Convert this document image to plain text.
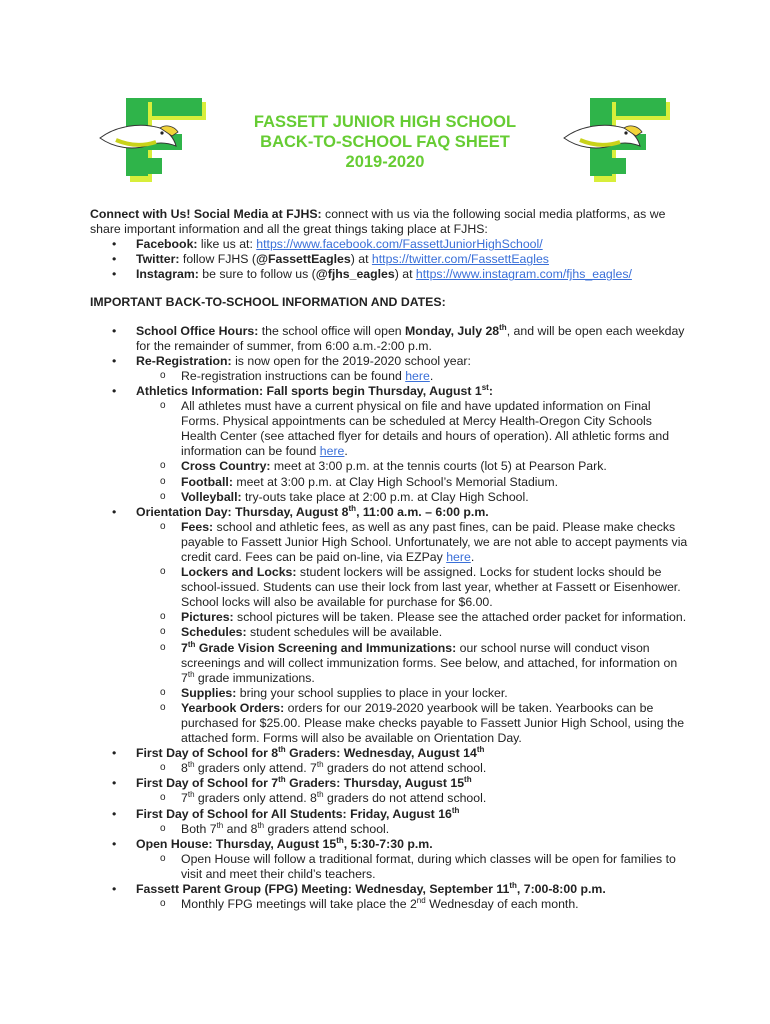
FASSETT JUNIOR HIGH SCHOOL
BACK-TO-SCHOOL FAQ SHEET
2019-2020

Connect with Us! Social Media at FJHS: connect with us via the following social media platforms, as we share important information and all the great things taking place at FJHS:

• Facebook: like us at: https://www.facebook.com/FassettJuniorHighSchool/
• Twitter: follow FJHS (@FassettEagles) at https://twitter.com/FassettEagles
• Instagram: be sure to follow us (@fjhs_eagles) at https://www.instagram.com/fjhs_eagles/

IMPORTANT BACK-TO-SCHOOL INFORMATION AND DATES:

• School Office Hours: the school office will open Monday, July 28th, and will be open each weekday for the remainder of summer, from 6:00 a.m.-2:00 p.m.
• Re-Registration: is now open for the 2019-2020 school year:
o Re-registration instructions can be found here.
• Athletics Information: Fall sports begin Thursday, August 1st:
o All athletes must have a current physical on file and have updated information on Final Forms. Physical appointments can be scheduled at Mercy Health-Oregon City Schools Health Center (see attached flyer for details and hours of operation). All athletic forms and information can be found here.
o Cross Country: meet at 3:00 p.m. at the tennis courts (lot 5) at Pearson Park.
o Football: meet at 3:00 p.m. at Clay High School’s Memorial Stadium.
o Volleyball: try-outs take place at 2:00 p.m. at Clay High School.
• Orientation Day: Thursday, August 8th, 11:00 a.m. – 6:00 p.m.
o Fees: school and athletic fees, as well as any past fines, can be paid. Please make checks payable to Fassett Junior High School. Unfortunately, we are not able to accept payments via credit card. Fees can be paid on-line, via EZPay here.
o Lockers and Locks: student lockers will be assigned. Locks for student locks should be school-issued. Students can use their lock from last year, whether at Fassett or Eisenhower. School locks will also be available for purchase for $6.00.
o Pictures: school pictures will be taken. Please see the attached order packet for information.
o Schedules: student schedules will be available.
o 7th Grade Vision Screening and Immunizations: our school nurse will conduct vison screenings and will collect immunization forms. See below, and attached, for information on 7th grade immunizations.
o Supplies: bring your school supplies to place in your locker.
o Yearbook Orders: orders for our 2019-2020 yearbook will be taken. Yearbooks can be purchased for $25.00. Please make checks payable to Fassett Junior High School, using the attached form. Forms will also be available on Orientation Day.
• First Day of School for 8th Graders: Wednesday, August 14th
o 8th graders only attend. 7th graders do not attend school.
• First Day of School for 7th Graders: Thursday, August 15th
o 7th graders only attend. 8th graders do not attend school.
• First Day of School for All Students: Friday, August 16th
o Both 7th and 8th graders attend school.
• Open House: Thursday, August 15th, 5:30-7:30 p.m.
o Open House will follow a traditional format, during which classes will be open for families to visit and meet their child’s teachers.
• Fassett Parent Group (FPG) Meeting: Wednesday, September 11th, 7:00-8:00 p.m.
o Monthly FPG meetings will take place the 2nd Wednesday of each month.
